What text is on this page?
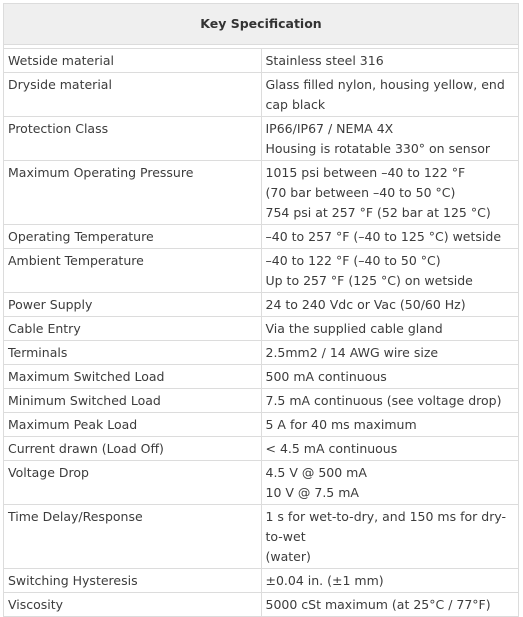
Key Specification	

Wetside material	Stainless steel 316

Dryside material	Glass filled nylon, housing yellow, end cap black

Protection Class	IP66/IP67 / NEMA 4X
Housing is rotatable 330° on sensor

Maximum Operating Pressure	1015 psi between –40 to 122 °F
(70 bar between –40 to 50 °C)
754 psi at 257 °F (52 bar at 125 °C)

Operating Temperature	–40 to 257 °F (–40 to 125 °C) wetside

Ambient Temperature	–40 to 122 °F (–40 to 50 °C)
Up to 257 °F (125 °C) on wetside

Power Supply	24 to 240 Vdc or Vac (50/60 Hz)

Cable Entry	Via the supplied cable gland

Terminals	2.5mm2 / 14 AWG wire size

Maximum Switched Load	500 mA continuous

Minimum Switched Load	7.5 mA continuous (see voltage drop)

Maximum Peak Load	5 A for 40 ms maximum

Current drawn (Load Off)	< 4.5 mA continuous

Voltage Drop	4.5 V @ 500 mA
10 V @ 7.5 mA

Time Delay/Response	1 s for wet-to-dry, and 150 ms for dry-to-wet
(water)

Switching Hysteresis	±0.04 in. (±1 mm)

Viscosity	5000 cSt maximum (at 25°C / 77°F)
